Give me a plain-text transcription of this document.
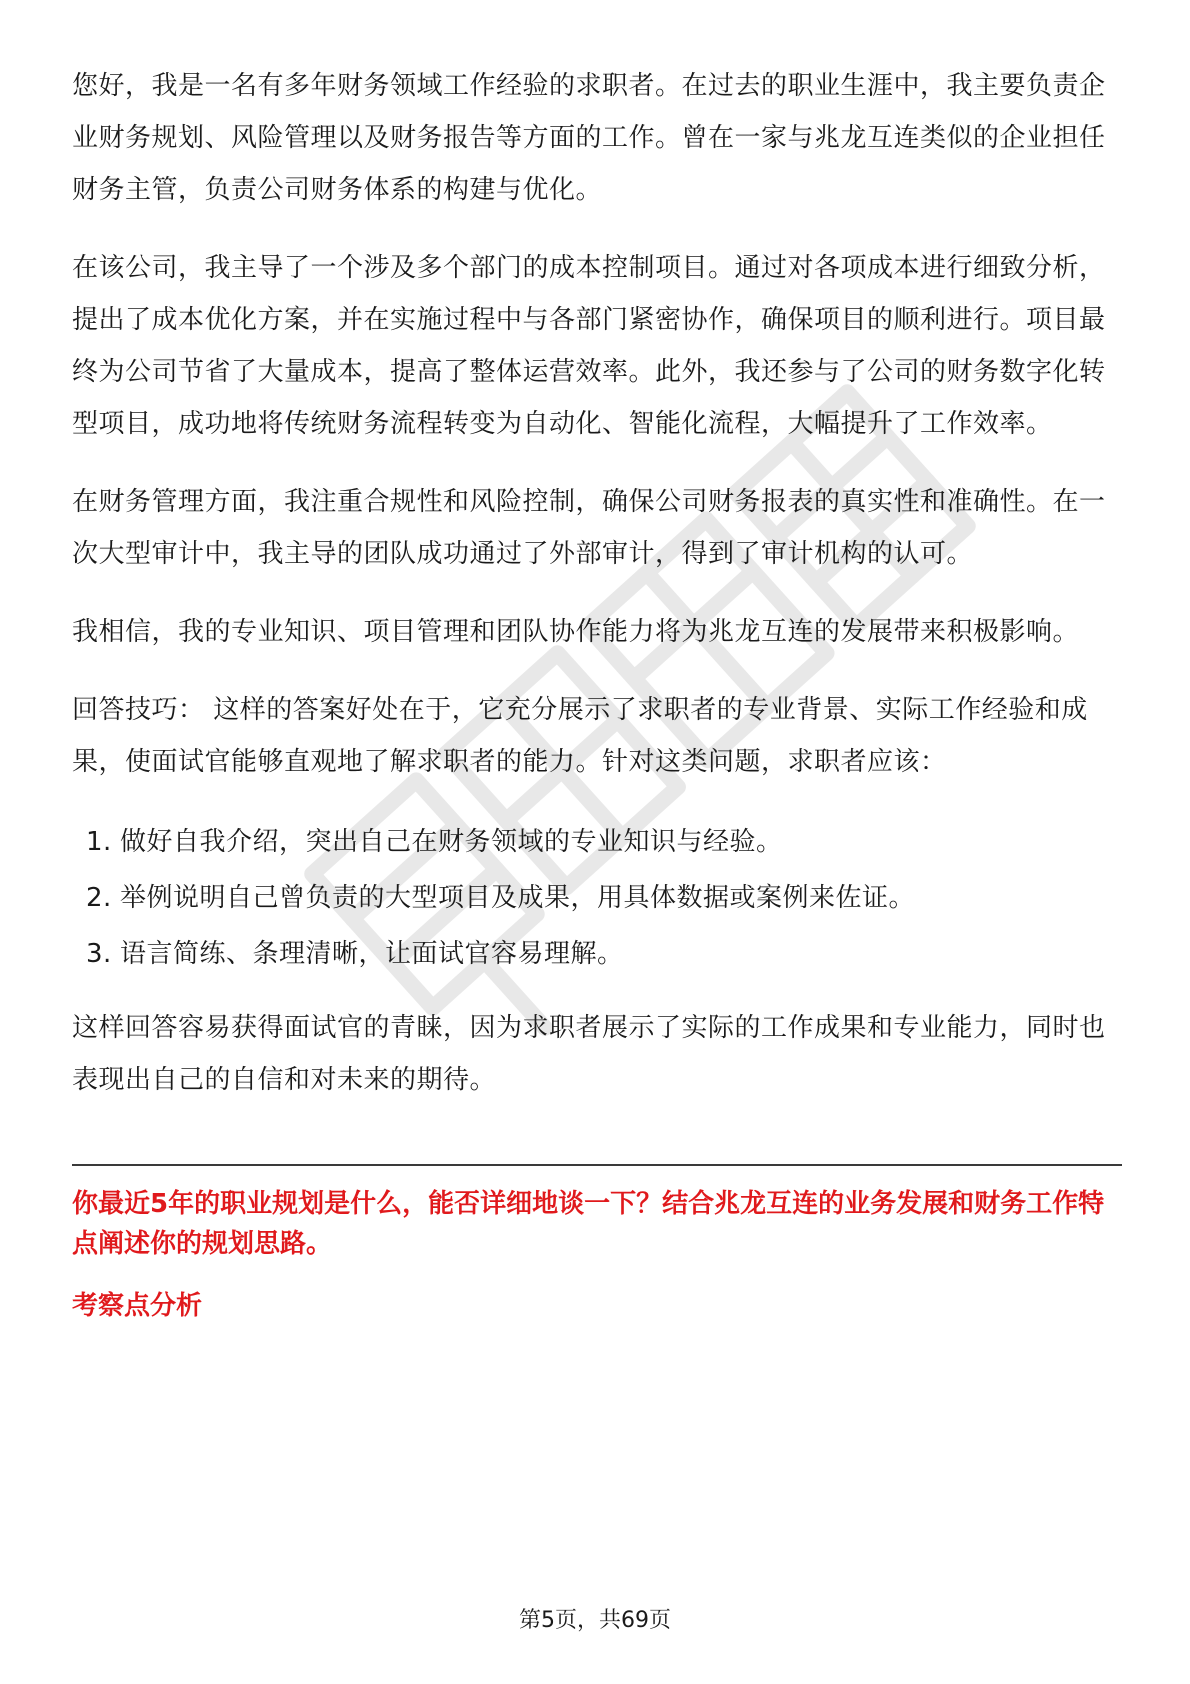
您好，我是一名有多年财务领域工作经验的求职者。在过去的职业生涯中，我主要负责企业财务规划、风险管理以及财务报告等方面的工作。曾在一家与兆龙互连类似的企业担任财务主管，负责公司财务体系的构建与优化。

在该公司，我主导了一个涉及多个部门的成本控制项目。通过对各项成本进行细致分析，提出了成本优化方案，并在实施过程中与各部门紧密协作，确保项目的顺利进行。项目最终为公司节省了大量成本，提高了整体运营效率。此外，我还参与了公司的财务数字化转型项目，成功地将传统财务流程转变为自动化、智能化流程，大幅提升了工作效率。

在财务管理方面，我注重合规性和风险控制，确保公司财务报表的真实性和准确性。在一次大型审计中，我主导的团队成功通过了外部审计，得到了审计机构的认可。

我相信，我的专业知识、项目管理和团队协作能力将为兆龙互连的发展带来积极影响。

回答技巧： 这样的答案好处在于，它充分展示了求职者的专业背景、实际工作经验和成果，使面试官能够直观地了解求职者的能力。针对这类问题，求职者应该：

1. 做好自我介绍，突出自己在财务领域的专业知识与经验。
2. 举例说明自己曾负责的大型项目及成果，用具体数据或案例来佐证。
3. 语言简练、条理清晰，让面试官容易理解。

这样回答容易获得面试官的青睐，因为求职者展示了实际的工作成果和专业能力，同时也表现出自己的自信和对未来的期待。

你最近5年的职业规划是什么，能否详细地谈一下？结合兆龙互连的业务发展和财务工作特点阐述你的规划思路。

考察点分析

第5页，共69页
